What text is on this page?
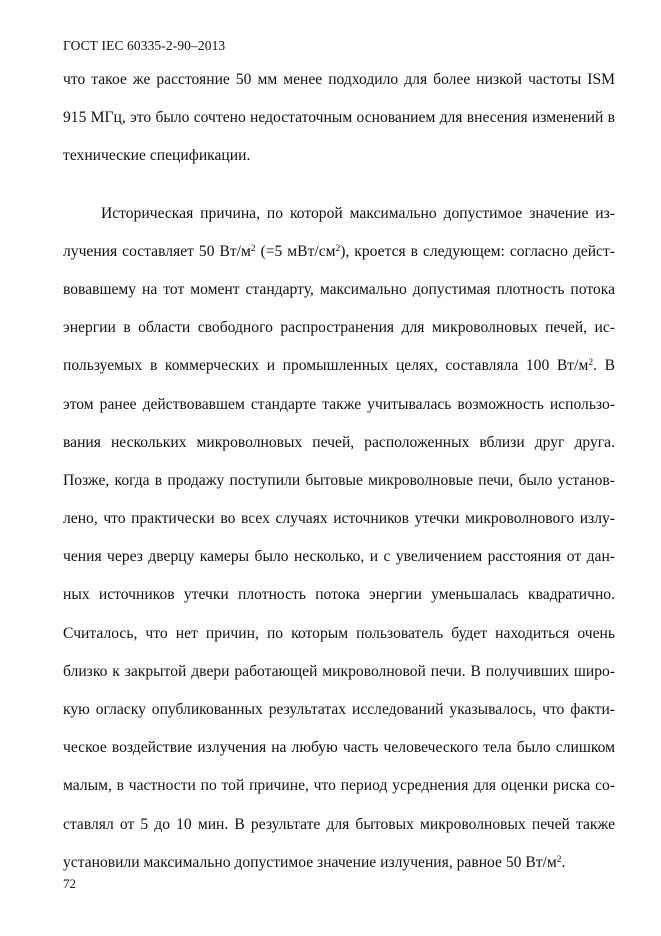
ГОСТ IEC 60335-2-90–2013
что такое же расстояние 50 мм менее подходило для более низкой частоты ISM
915 МГц, это было сочтено недостаточным основанием для внесения изменений в
технические спецификации.
Историческая причина, по которой максимально допустимое значение из-
лучения составляет 50 $Вт/м^2$ (=5 мВт/$см^2$), кроется в следующем: согласно дейст-
вовавшему на тот момент стандарту, максимально допустимая плотность потока
энергии в области свободного распространения для микроволновых печей, ис-
пользуемых в коммерческих и промышленных целях, составляла 100 $Вт/м^2$. В
этом ранее действовавшем стандарте также учитывалась возможность использо-
вания нескольких микроволновых печей, расположенных вблизи друг друга.
Позже, когда в продажу поступили бытовые микроволновые печи, было установ-
лено, что практически во всех случаях источников утечки микроволнового излу-
чения через дверцу камеры было несколько, и с увеличением расстояния от дан-
ных источников утечки плотность потока энергии уменьшалась квадратично.
Считалось, что нет причин, по которым пользователь будет находиться очень
близко к закрытой двери работающей микроволновой печи. В получивших широ-
кую огласку опубликованных результатах исследований указывалось, что факти-
ческое воздействие излучения на любую часть человеческого тела было слишком
малым, в частности по той причине, что период усреднения для оценки риска со-
ставлял от 5 до 10 мин. В результате для бытовых микроволновых печей также
установили максимально допустимое значение излучения, равное 50 $Вт/м^2$.
72
